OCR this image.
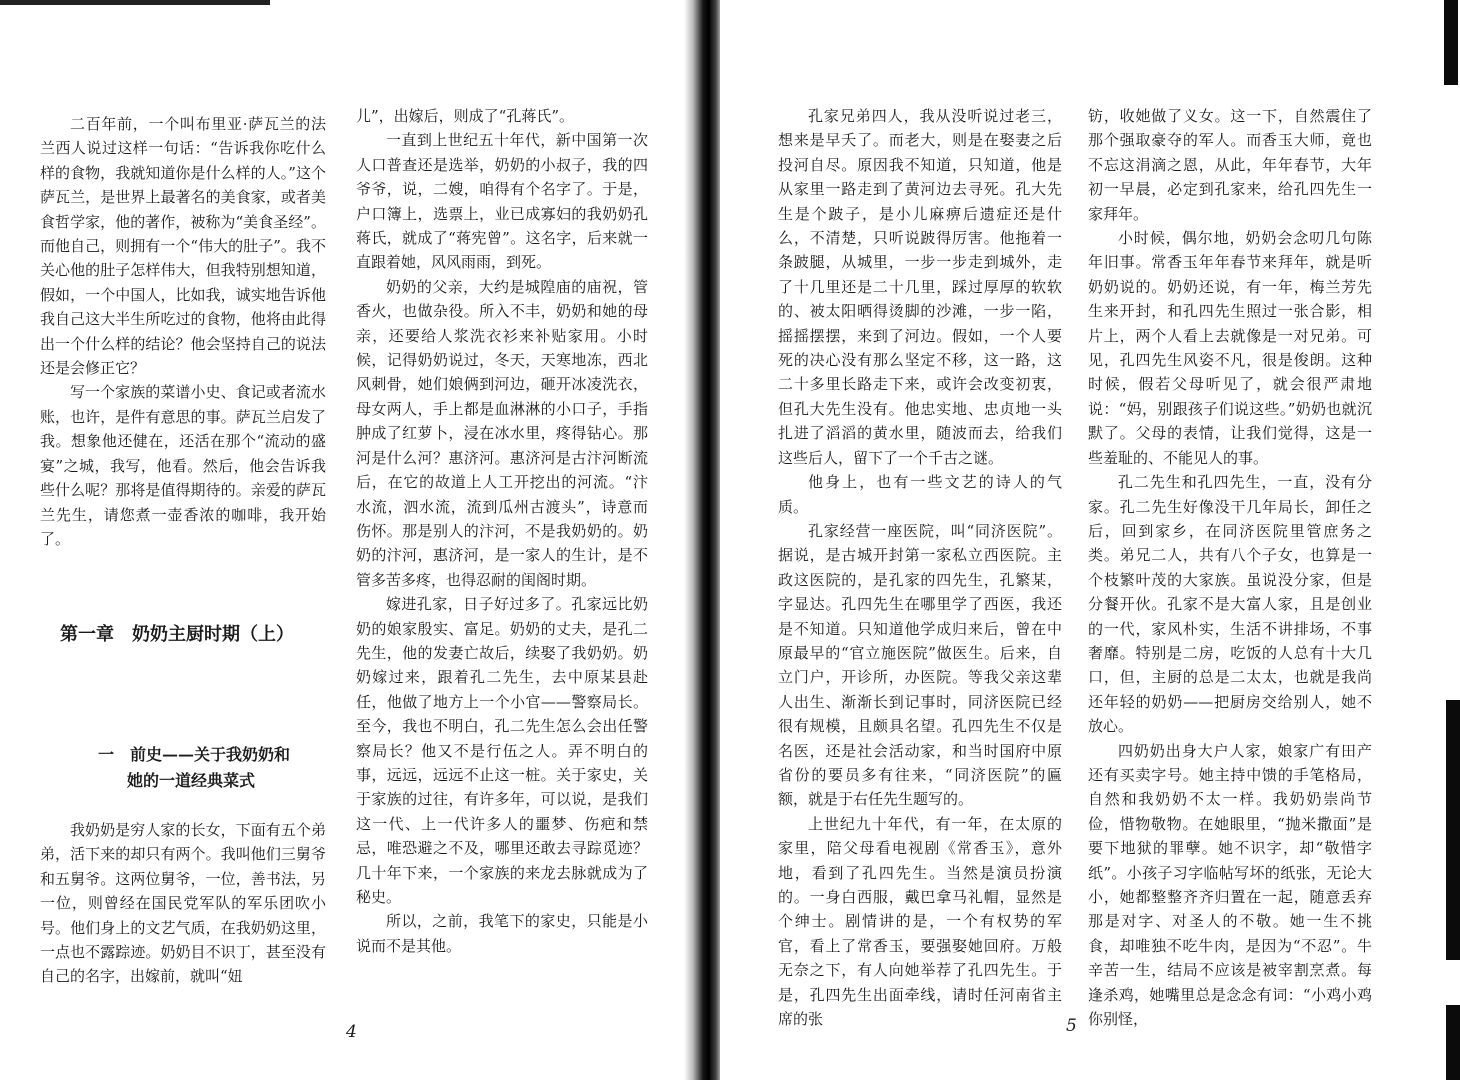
二百年前，一个叫布里亚·萨瓦兰的法兰西人说过这样一句话：“告诉我你吃什么样的食物，我就知道你是什么样的人。”这个萨瓦兰，是世界上最著名的美食家，或者美食哲学家，他的著作，被称为“美食圣经”。而他自己，则拥有一个“伟大的肚子”。我不关心他的肚子怎样伟大，但我特别想知道，假如，一个中国人，比如我，诚实地告诉他我自己这大半生所吃过的食物，他将由此得出一个什么样的结论？他会坚持自己的说法还是会修正它？

写一个家族的菜谱小史、食记或者流水账，也许，是件有意思的事。萨瓦兰启发了我。想象他还健在，还活在那个“流动的盛宴”之城，我写，他看。然后，他会告诉我些什么呢？那将是值得期待的。亲爱的萨瓦兰先生，请您煮一壶香浓的咖啡，我开始了。

第一章　奶奶主厨时期（上）
一　前史——关于我奶奶和
她的一道经典菜式

我奶奶是穷人家的长女，下面有五个弟弟，活下来的却只有两个。我叫他们三舅爷和五舅爷。这两位舅爷，一位，善书法，另一位，则曾经在国民党军队的军乐团吹小号。他们身上的文艺气质，在我奶奶这里，一点也不露踪迹。奶奶目不识丁，甚至没有自己的名字，出嫁前，就叫“妞

儿”，出嫁后，则成了“孔蒋氏”。

一直到上世纪五十年代，新中国第一次人口普查还是选举，奶奶的小叔子，我的四爷爷，说，二嫂，咱得有个名字了。于是，户口簿上，选票上，业已成寡妇的我奶奶孔蒋氏，就成了“蒋宪曾”。这名字，后来就一直跟着她，风风雨雨，到死。

奶奶的父亲，大约是城隍庙的庙祝，管香火，也做杂役。所入不丰，奶奶和她的母亲，还要给人浆洗衣衫来补贴家用。小时候，记得奶奶说过，冬天，天寒地冻，西北风刺骨，她们娘俩到河边，砸开冰凌洗衣，母女两人，手上都是血淋淋的小口子，手指肿成了红萝卜，浸在冰水里，疼得钻心。那河是什么河？惠济河。惠济河是古汴河断流后，在它的故道上人工开挖出的河流。“汴水流，泗水流，流到瓜州古渡头”，诗意而伤怀。那是别人的汴河，不是我奶奶的。奶奶的汴河，惠济河，是一家人的生计，是不管多苦多疼，也得忍耐的闺阁时期。

嫁进孔家，日子好过多了。孔家远比奶奶的娘家殷实、富足。奶奶的丈夫，是孔二先生，他的发妻亡故后，续娶了我奶奶。奶奶嫁过来，跟着孔二先生，去中原某县赴任，他做了地方上一个小官——警察局长。至今，我也不明白，孔二先生怎么会出任警察局长？他又不是行伍之人。弄不明白的事，远远，远远不止这一桩。关于家史，关于家族的过往，有许多年，可以说，是我们这一代、上一代许多人的噩梦、伤疤和禁忌，唯恐避之不及，哪里还敢去寻踪觅迹？几十年下来，一个家族的来龙去脉就成为了秘史。

所以，之前，我笔下的家史，只能是小说而不是其他。

4

孔家兄弟四人，我从没听说过老三，想来是早夭了。而老大，则是在娶妻之后投河自尽。原因我不知道，只知道，他是从家里一路走到了黄河边去寻死。孔大先生是个跛子，是小儿麻痹后遗症还是什么，不清楚，只听说跛得厉害。他拖着一条跛腿，从城里，一步一步走到城外，走了十几里还是二十几里，踩过厚厚的软软的、被太阳晒得烫脚的沙滩，一步一陷，摇摇摆摆，来到了河边。假如，一个人要死的决心没有那么坚定不移，这一路，这二十多里长路走下来，或许会改变初衷，但孔大先生没有。他忠实地、忠贞地一头扎进了滔滔的黄水里，随波而去，给我们这些后人，留下了一个千古之谜。

他身上，也有一些文艺的诗人的气质。

孔家经营一座医院，叫“同济医院”。据说，是古城开封第一家私立西医院。主政这医院的，是孔家的四先生，孔繁某，字显达。孔四先生在哪里学了西医，我还是不知道。只知道他学成归来后，曾在中原最早的“官立施医院”做医生。后来，自立门户，开诊所，办医院。等我父亲这辈人出生、渐渐长到记事时，同济医院已经很有规模，且颇具名望。孔四先生不仅是名医，还是社会活动家，和当时国府中原省份的要员多有往来，“同济医院”的匾额，就是于右任先生题写的。

上世纪九十年代，有一年，在太原的家里，陪父母看电视剧《常香玉》，意外地，看到了孔四先生。当然是演员扮演的。一身白西服，戴巴拿马礼帽，显然是个绅士。剧情讲的是，一个有权势的军官，看上了常香玉，要强娶她回府。万般无奈之下，有人向她举荐了孔四先生。于是，孔四先生出面牵线，请时任河南省主席的张

钫，收她做了义女。这一下，自然震住了那个强取豪夺的军人。而香玉大师，竟也不忘这涓滴之恩，从此，年年春节，大年初一早晨，必定到孔家来，给孔四先生一家拜年。

小时候，偶尔地，奶奶会念叨几句陈年旧事。常香玉年年春节来拜年，就是听奶奶说的。奶奶还说，有一年，梅兰芳先生来开封，和孔四先生照过一张合影，相片上，两个人看上去就像是一对兄弟。可见，孔四先生风姿不凡，很是俊朗。这种时候，假若父母听见了，就会很严肃地说：“妈，别跟孩子们说这些。”奶奶也就沉默了。父母的表情，让我们觉得，这是一些羞耻的、不能见人的事。

孔二先生和孔四先生，一直，没有分家。孔二先生好像没干几年局长，卸任之后，回到家乡，在同济医院里管庶务之类。弟兄二人，共有八个子女，也算是一个枝繁叶茂的大家族。虽说没分家，但是分餐开伙。孔家不是大富人家，且是创业的一代，家风朴实，生活不讲排场，不事奢靡。特别是二房，吃饭的人总有十大几口，但，主厨的总是二太太，也就是我尚还年轻的奶奶——把厨房交给别人，她不放心。

四奶奶出身大户人家，娘家广有田产还有买卖字号。她主持中馈的手笔格局，自然和我奶奶不太一样。我奶奶崇尚节俭，惜物敬物。在她眼里，“抛米撒面”是要下地狱的罪孽。她不识字，却“敬惜字纸”。小孩子习字临帖写坏的纸张，无论大小，她都整整齐齐归置在一起，随意丢弃那是对字、对圣人的不敬。她一生不挑食，却唯独不吃牛肉，是因为“不忍”。牛辛苦一生，结局不应该是被宰割烹煮。每逢杀鸡，她嘴里总是念念有词：“小鸡小鸡你别怪，

5
